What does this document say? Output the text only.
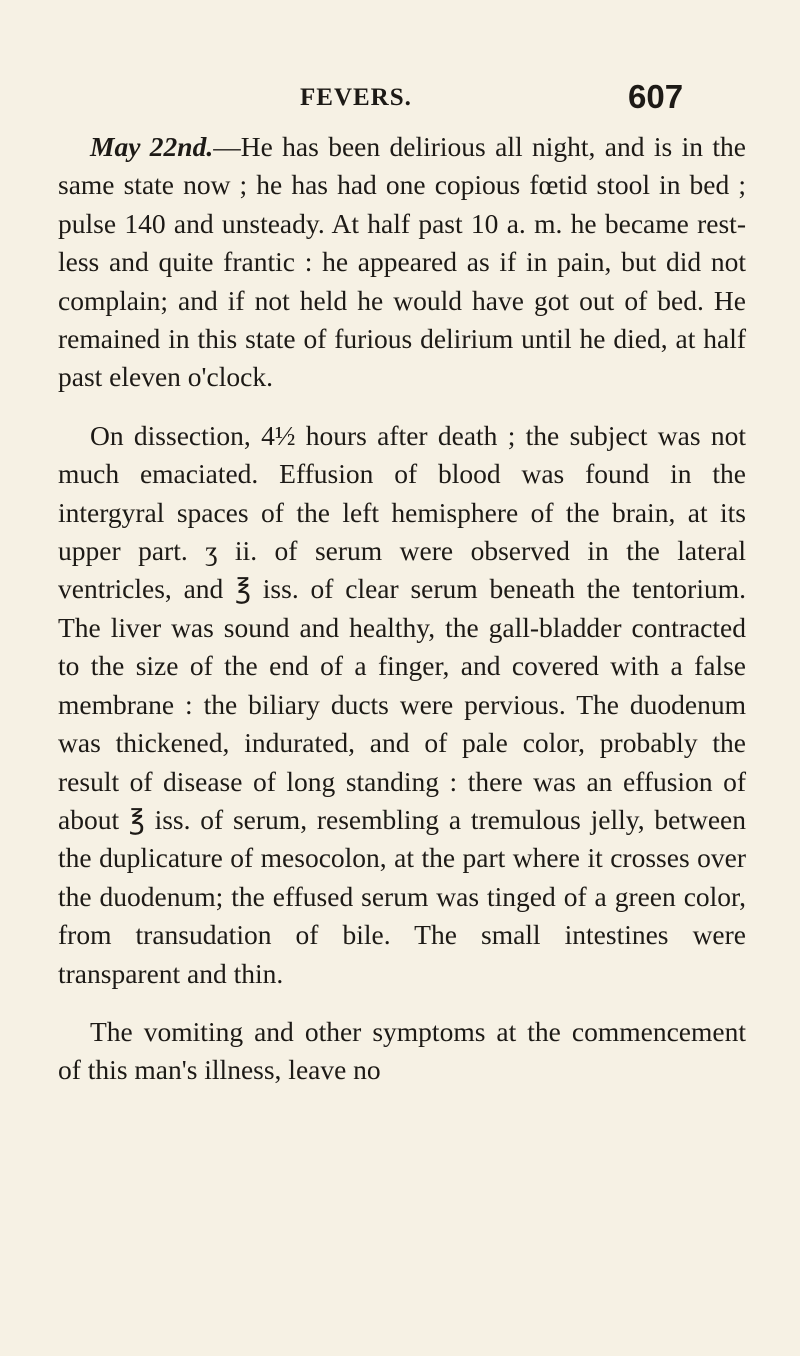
FEVERS.	607

May 22nd.—He has been delirious all night, and is in the same state now ; he has had one copious fœtid stool in bed ; pulse 140 and unsteady. At half past 10 a. m. he became restless and quite frantic : he appeared as if in pain, but did not complain; and if not held he would have got out of bed. He remained in this state of furious delirium until he died, at half past eleven o'clock.

On dissection, 4½ hours after death ; the subject was not much emaciated. Effusion of blood was found in the intergyral spaces of the left hemisphere of the brain, at its upper part. ʒ ii. of serum were observed in the lateral ventricles, and ℥ iss. of clear serum beneath the tentorium. The liver was sound and healthy, the gall-bladder contracted to the size of the end of a finger, and covered with a false membrane : the biliary ducts were pervious. The duodenum was thickened, indurated, and of pale color, probably the result of disease of long standing : there was an effusion of about ℥ iss. of serum, resembling a tremulous jelly, between the duplicature of mesocolon, at the part where it crosses over the duodenum; the effused serum was tinged of a green color, from transudation of bile. The small intestines were transparent and thin.

The vomiting and other symptoms at the commencement of this man's illness, leave no
